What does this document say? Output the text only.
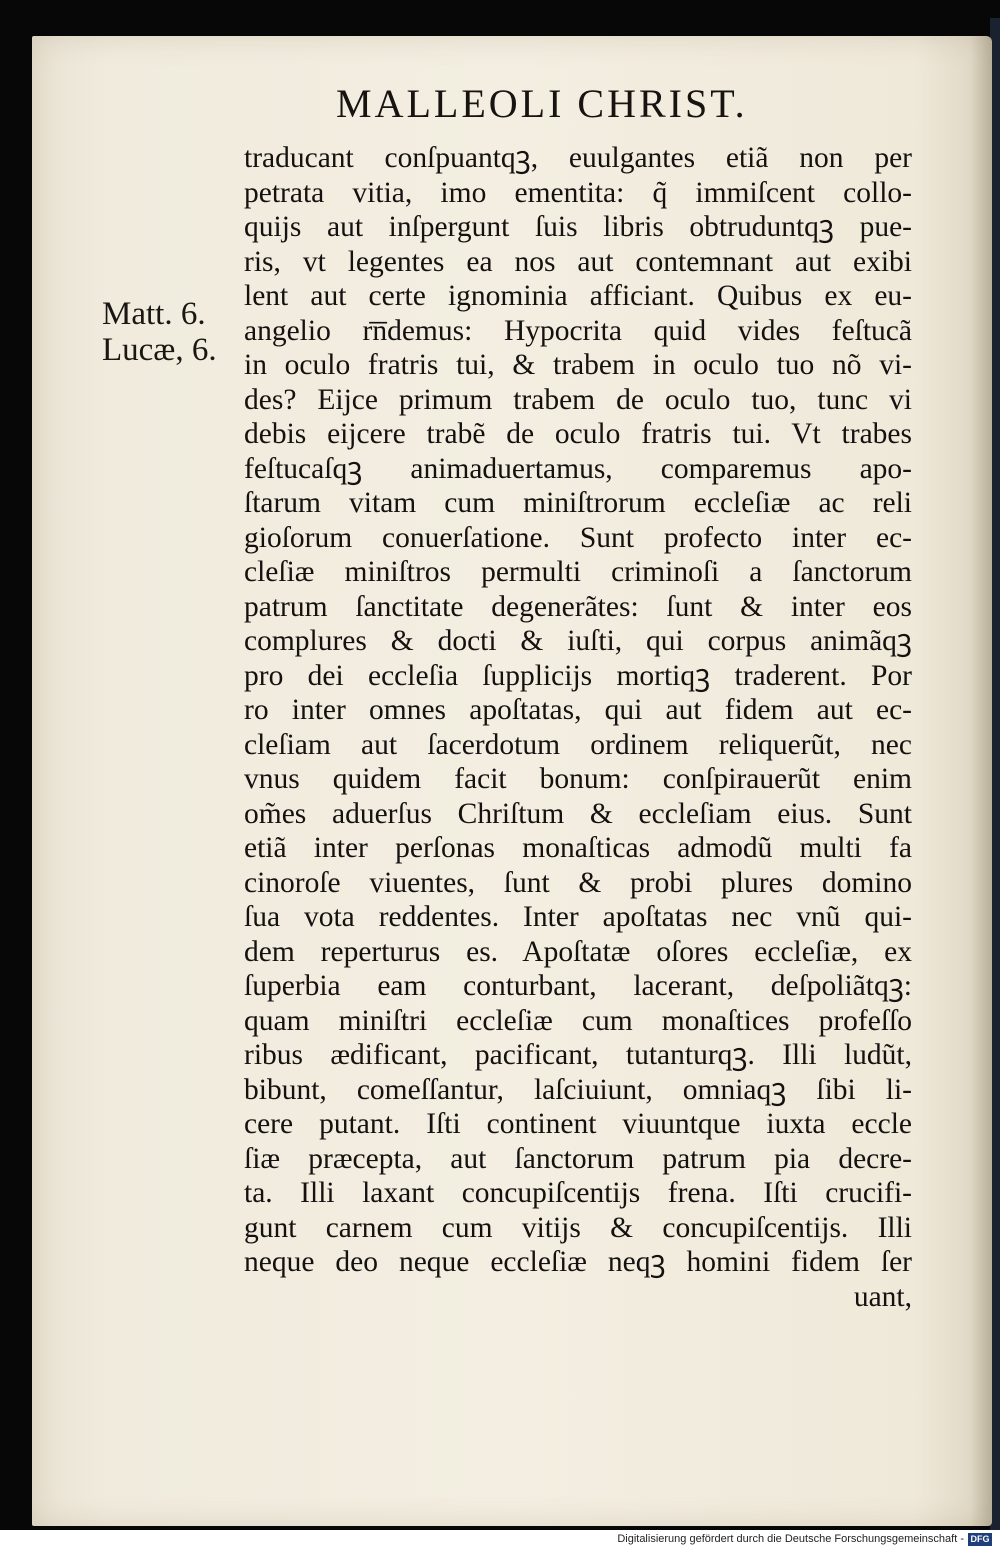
MALLEOLI CHRIST.
Matt. 6.
Lucæ, 6.
traducant conſpuantqꝫ, euulgantes etiã non per
petrata vitia, imo ementita: q̃ immiſcent collo-
quijs aut inſpergunt ſuis libris obtruduntqꝫ pue-
ris, vt legentes ea nos aut contemnant aut exibi
lent aut certe ignominia afficiant. Quibus ex eu-
angelio r͞ndemus: Hypocrita quid vides feſtucã
in oculo fratris tui, & trabem in oculo tuo nõ vi-
des? Eijce primum trabem de oculo tuo, tunc vi
debis eijcere trabẽ de oculo fratris tui. Vt trabes
feſtucaſqꝫ animaduertamus, comparemus apo-
ſtarum vitam cum miniſtrorum eccleſiæ ac reli
gioſorum conuerſatione. Sunt profecto inter ec-
cleſiæ miniſtros permulti criminoſi a ſanctorum
patrum ſanctitate degenerãtes: ſunt & inter eos
complures & docti & iuſti, qui corpus animãqꝫ
pro dei eccleſia ſupplicijs mortiqꝫ traderent. Por
ro inter omnes apoſtatas, qui aut fidem aut ec-
cleſiam aut ſacerdotum ordinem reliquerũt, nec
vnus quidem facit bonum: conſpirauerũt enim
om̃es aduerſus Chriſtum & eccleſiam eius. Sunt
etiã inter perſonas monaſticas admodũ multi fa
cinoroſe viuentes, ſunt & probi plures domino
ſua vota reddentes. Inter apoſtatas nec vnũ qui-
dem reperturus es. Apoſtatæ oſores eccleſiæ, ex
ſuperbia eam conturbant, lacerant, deſpoliãtqꝫ:
quam miniſtri eccleſiæ cum monaſtices profeſſo
ribus ædificant, pacificant, tutanturqꝫ. Illi ludũt,
bibunt, comeſſantur, laſciuiunt, omniaqꝫ ſibi li-
cere putant. Iſti continent viuuntque iuxta eccle
ſiæ præcepta, aut ſanctorum patrum pia decre-
ta. Illi laxant concupiſcentijs frena. Iſti crucifi-
gunt carnem cum vitijs & concupiſcentijs. Illi
neque deo neque eccleſiæ neqꝫ homini fidem ſer
uant,
Digitalisierung gefördert durch die Deutsche Forschungsgemeinschaft - DFG
